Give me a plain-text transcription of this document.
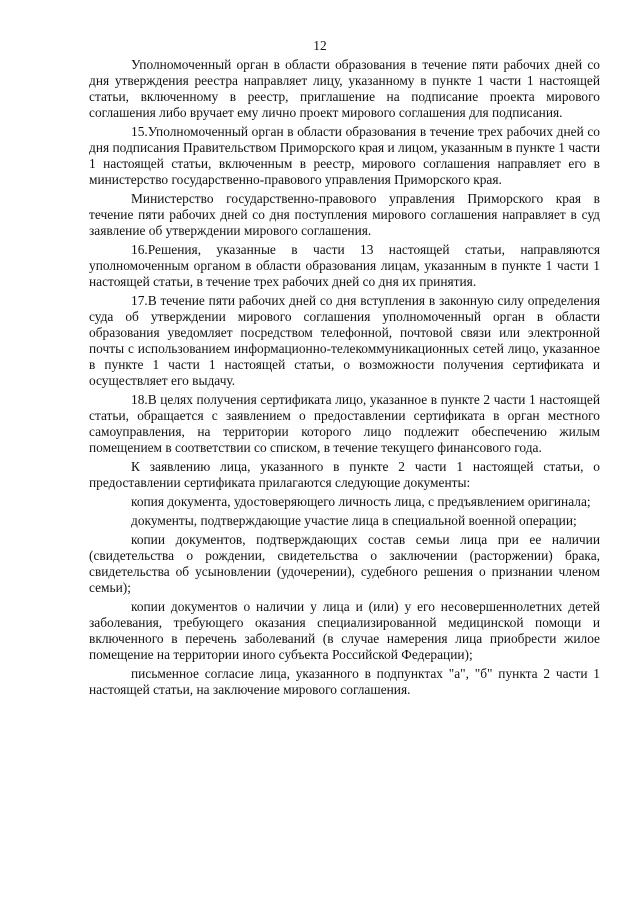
12

Уполномоченный орган в области образования в течение пяти рабочих дней со дня утверждения реестра направляет лицу, указанному в пункте 1 части 1 настоящей статьи, включенному в реестр, приглашение на подписание проекта мирового соглашения либо вручает ему лично проект мирового соглашения для подписания.

15.Уполномоченный орган в области образования в течение трех рабочих дней со дня подписания Правительством Приморского края и лицом, указанным в пункте 1 части 1 настоящей статьи, включенным в реестр, мирового соглашения направляет его в министерство государственно-правового управления Приморского края.

Министерство государственно-правового управления Приморского края в течение пяти рабочих дней со дня поступления мирового соглашения направляет в суд заявление об утверждении мирового соглашения.

16.Решения, указанные в части 13 настоящей статьи, направляются уполномоченным органом в области образования лицам, указанным в пункте 1 части 1 настоящей статьи, в течение трех рабочих дней со дня их принятия.

17.В течение пяти рабочих дней со дня вступления в законную силу определения суда об утверждении мирового соглашения уполномоченный орган в области образования уведомляет посредством телефонной, почтовой связи или электронной почты с использованием информационно-телекоммуникационных сетей лицо, указанное в пункте 1 части 1 настоящей статьи, о возможности получения сертификата и осуществляет его выдачу.

18.В целях получения сертификата лицо, указанное в пункте 2 части 1 настоящей статьи, обращается с заявлением о предоставлении сертификата в орган местного самоуправления, на территории которого лицо подлежит обеспечению жилым помещением в соответствии со списком, в течение текущего финансового года.

К заявлению лица, указанного в пункте 2 части 1 настоящей статьи, о предоставлении сертификата прилагаются следующие документы:

копия документа, удостоверяющего личность лица, с предъявлением оригинала;

документы, подтверждающие участие лица в специальной военной операции;

копии документов, подтверждающих состав семьи лица при ее наличии (свидетельства о рождении, свидетельства о заключении (расторжении) брака, свидетельства об усыновлении (удочерении), судебного решения о признании членом семьи);

копии документов о наличии у лица и (или) у его несовершеннолетних детей заболевания, требующего оказания специализированной медицинской помощи и включенного в перечень заболеваний (в случае намерения лица приобрести жилое помещение на территории иного субъекта Российской Федерации);

письменное согласие лица, указанного в подпунктах "а", "б" пункта 2 части 1 настоящей статьи, на заключение мирового соглашения.
